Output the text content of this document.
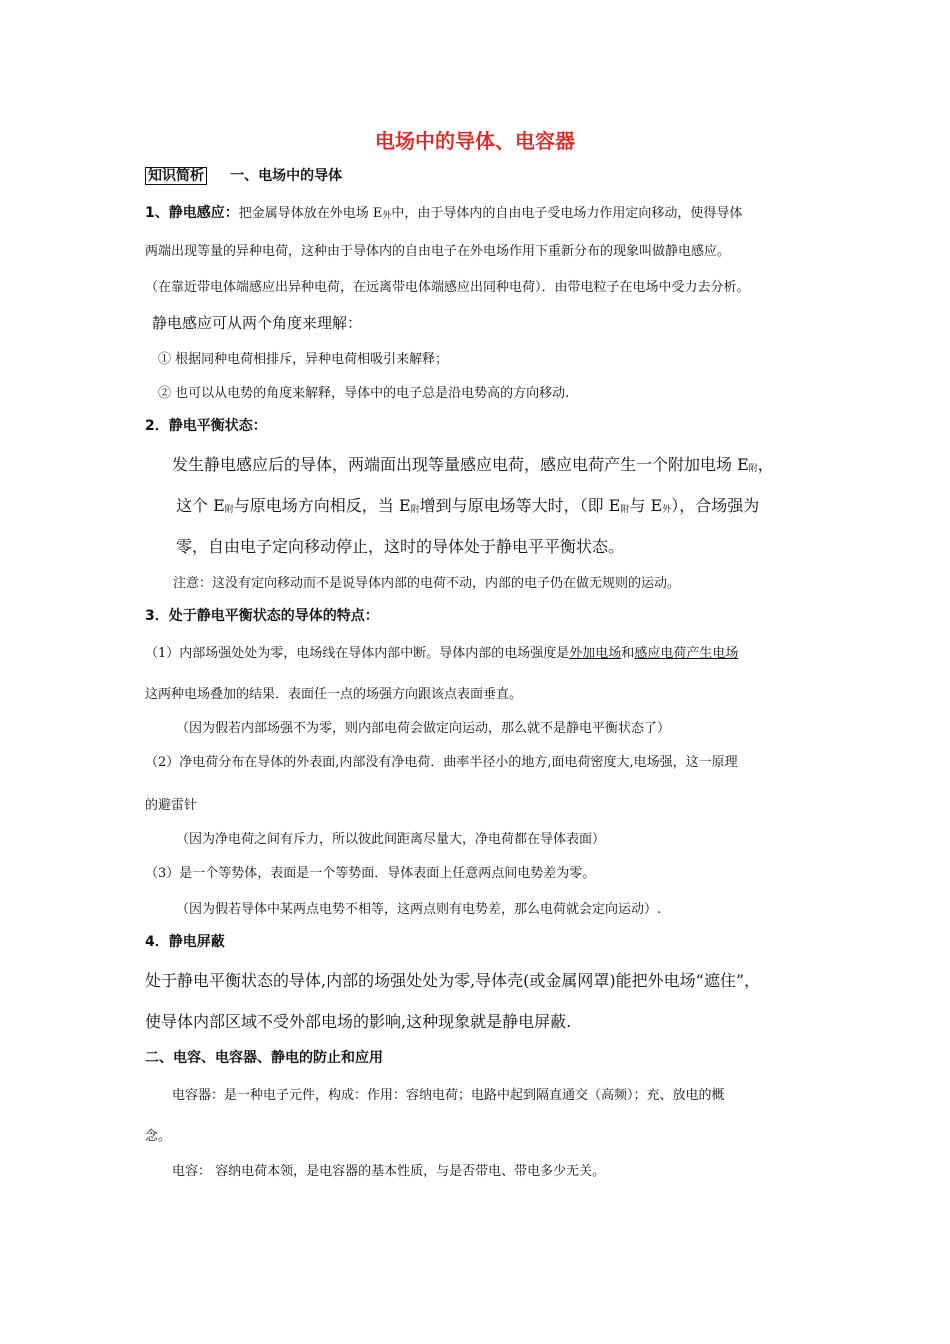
电场中的导体、电容器
知识简析 一、电场中的导体
1、静电感应：把金属导体放在外电场 $E_外$中，由于导体内的自由电子受电场力作用定向移动，使得导体
两端出现等量的异种电荷，这种由于导体内的自由电子在外电场作用下重新分布的现象叫做静电感应。
（在靠近带电体端感应出异种电荷，在远离带电体端感应出同种电荷）．由带电粒子在电场中受力去分析。
静电感应可从两个角度来理解：
① 根据同种电荷相排斥，异种电荷相吸引来解释；
② 也可以从电势的角度来解释，导体中的电子总是沿电势高的方向移动.
2．静电平衡状态：
发生静电感应后的导体，两端面出现等量感应电荷，感应电荷产生一个附加电场 $E_附$，
这个 $E_附$与原电场方向相反，当 $E_附$增到与原电场等大时，（即 $E_附$与 $E_外$），合场强为
零，自由电子定向移动停止，这时的导体处于静电平平衡状态。
注意：这没有定向移动而不是说导体内部的电荷不动，内部的电子仍在做无规则的运动。
3．处于静电平衡状态的导体的特点：
（1）内部场强处处为零，电场线在导体内部中断。导体内部的电场强度是外加电场和感应电荷产生电场
这两种电场叠加的结果．表面任一点的场强方向跟该点表面垂直。
（因为假若内部场强不为零，则内部电荷会做定向运动，那么就不是静电平衡状态了）
（2）净电荷分布在导体的外表面,内部没有净电荷．曲率半径小的地方,面电荷密度大,电场强，这一原理
的避雷针
（因为净电荷之间有斥力，所以彼此间距离尽量大，净电荷都在导体表面）
（3）是一个等势体，表面是一个等势面．导体表面上任意两点间电势差为零。
（因为假若导体中某两点电势不相等，这两点则有电势差，那么电荷就会定向运动）.
4．静电屏蔽
处于静电平衡状态的导体,内部的场强处处为零,导体壳(或金属网罩)能把外电场“遮住”，
使导体内部区域不受外部电场的影响,这种现象就是静电屏蔽.
二、电容、电容器、静电的防止和应用
电容器：是一种电子元件，构成：作用：容纳电荷；电路中起到隔直通交（高频）；充、放电的概
念。
电容： 容纳电荷本领，是电容器的基本性质，与是否带电、带电多少无关。
